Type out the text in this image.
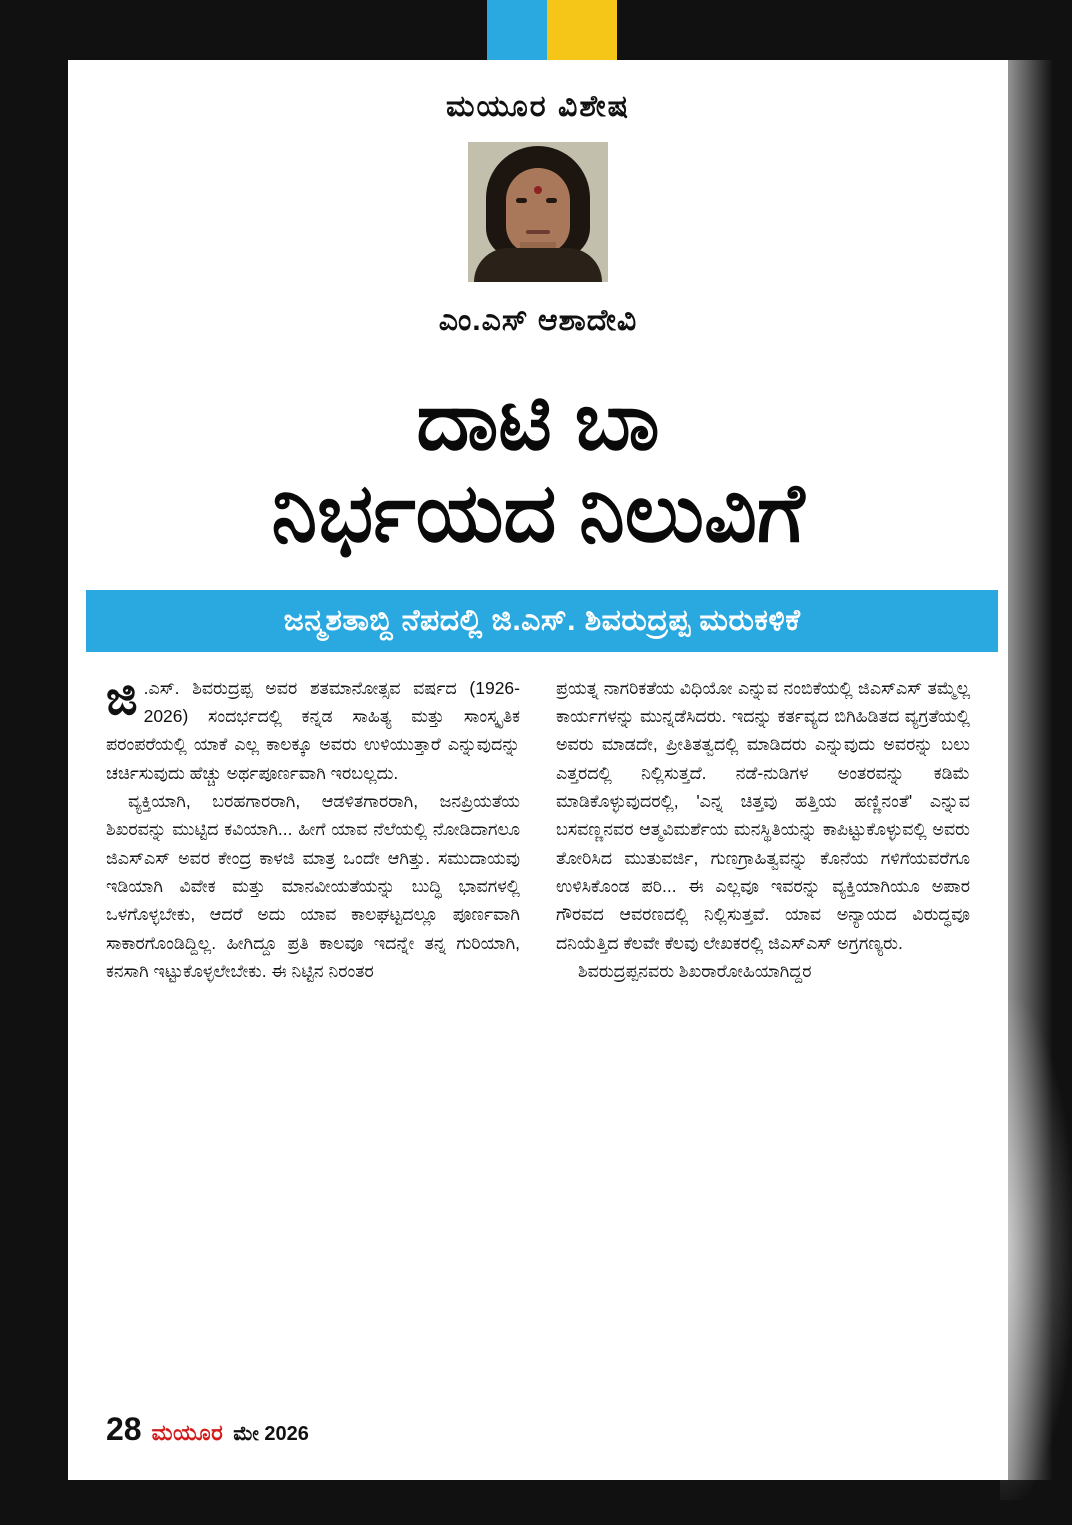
ಮಯೂರ ವಿಶೇಷ
ಎಂ.ಎಸ್ ಆಶಾದೇವಿ
ದಾಟಿ ಬಾ
ನಿರ್ಭಯದ ನಿಲುವಿಗೆ
ಜನ್ಮಶತಾಬ್ದಿ ನೆಪದಲ್ಲಿ ಜಿ.ಎಸ್. ಶಿವರುದ್ರಪ್ಪ ಮರುಕಳಿಕೆ

ಜಿ .ಎಸ್. ಶಿವರುದ್ರಪ್ಪ ಅವರ ಶತಮಾನೋತ್ಸವ ವರ್ಷದ (1926-2026) ಸಂದರ್ಭದಲ್ಲಿ ಕನ್ನಡ ಸಾಹಿತ್ಯ ಮತ್ತು ಸಾಂಸ್ಕೃತಿಕ ಪರಂಪರೆಯಲ್ಲಿ ಯಾಕೆ ಎಲ್ಲ ಕಾಲಕ್ಕೂ ಅವರು ಉಳಿಯುತ್ತಾರೆ ಎನ್ನುವುದನ್ನು ಚರ್ಚಿಸುವುದು ಹೆಚ್ಚು ಅರ್ಥಪೂರ್ಣವಾಗಿ ಇರಬಲ್ಲದು.

ವ್ಯಕ್ತಿಯಾಗಿ, ಬರಹಗಾರರಾಗಿ, ಆಡಳಿತಗಾರರಾಗಿ, ಜನಪ್ರಿಯತೆಯ ಶಿಖರವನ್ನು ಮುಟ್ಟಿದ ಕವಿಯಾಗಿ... ಹೀಗೆ ಯಾವ ನೆಲೆಯಲ್ಲಿ ನೋಡಿದಾಗಲೂ ಜಿಎಸ್‌ಎಸ್ ಅವರ ಕೇಂದ್ರ ಕಾಳಜಿ ಮಾತ್ರ ಒಂದೇ ಆಗಿತ್ತು. ಸಮುದಾಯವು ಇಡಿಯಾಗಿ ವಿವೇಕ ಮತ್ತು ಮಾನವೀಯತೆಯನ್ನು ಬುದ್ಧಿ ಭಾವಗಳಲ್ಲಿ ಒಳಗೊಳ್ಳಬೇಕು, ಆದರೆ ಅದು ಯಾವ ಕಾಲಘಟ್ಟದಲ್ಲೂ ಪೂರ್ಣವಾಗಿ ಸಾಕಾರಗೊಂಡಿದ್ದಿಲ್ಲ. ಹೀಗಿದ್ದೂ ಪ್ರತಿ ಕಾಲವೂ ಇದನ್ನೇ ತನ್ನ ಗುರಿಯಾಗಿ, ಕನಸಾಗಿ ಇಟ್ಟುಕೊಳ್ಳಲೇಬೇಕು. ಈ ನಿಟ್ಟಿನ ನಿರಂತರ

ಪ್ರಯತ್ನ ನಾಗರಿಕತೆಯ ವಿಧಿಯೋ ಎನ್ನುವ ನಂಬಿಕೆಯಲ್ಲಿ ಜಿಎಸ್‌ಎಸ್ ತಮ್ಮೆಲ್ಲ ಕಾರ್ಯಗಳನ್ನು ಮುನ್ನಡೆಸಿದರು. ಇದನ್ನು ಕರ್ತವ್ಯದ ಬಿಗಿಹಿಡಿತದ ವ್ಯಗ್ರತೆಯಲ್ಲಿ ಅವರು ಮಾಡದೇ, ಪ್ರೀತಿತತ್ವದಲ್ಲಿ ಮಾಡಿದರು ಎನ್ನುವುದು ಅವರನ್ನು ಬಲು ಎತ್ತರದಲ್ಲಿ ನಿಲ್ಲಿಸುತ್ತದೆ. ನಡೆ-ನುಡಿಗಳ ಅಂತರವನ್ನು ಕಡಿಮೆ ಮಾಡಿಕೊಳ್ಳುವುದರಲ್ಲಿ, 'ಎನ್ನ ಚಿತ್ತವು ಹತ್ತಿಯ ಹಣ್ಣಿನಂತೆ' ಎನ್ನುವ ಬಸವಣ್ಣನವರ ಆತ್ಮವಿಮರ್ಶೆಯ ಮನಸ್ಥಿತಿಯನ್ನು ಕಾಪಿಟ್ಟುಕೊಳ್ಳುವಲ್ಲಿ ಅವರು ತೋರಿಸಿದ ಮುತುವರ್ಜಿ, ಗುಣಗ್ರಾಹಿತ್ವವನ್ನು ಕೊನೆಯ ಗಳಿಗೆಯವರೆಗೂ ಉಳಿಸಿಕೊಂಡ ಪರಿ... ಈ ಎಲ್ಲವೂ ಇವರನ್ನು ವ್ಯಕ್ತಿಯಾಗಿಯೂ ಅಪಾರ ಗೌರವದ ಆವರಣದಲ್ಲಿ ನಿಲ್ಲಿಸುತ್ತವೆ. ಯಾವ ಅನ್ಯಾಯದ ವಿರುದ್ಧವೂ ದನಿಯೆತ್ತಿದ ಕೆಲವೇ ಕೆಲವು ಲೇಖಕರಲ್ಲಿ ಜಿಎಸ್‌ಎಸ್ ಅಗ್ರಗಣ್ಯರು.

ಶಿವರುದ್ರಪ್ಪನವರು ಶಿಖರಾರೋಹಿಯಾಗಿದ್ದರ

28 ಮಯೂರ ಮೇ 2026
